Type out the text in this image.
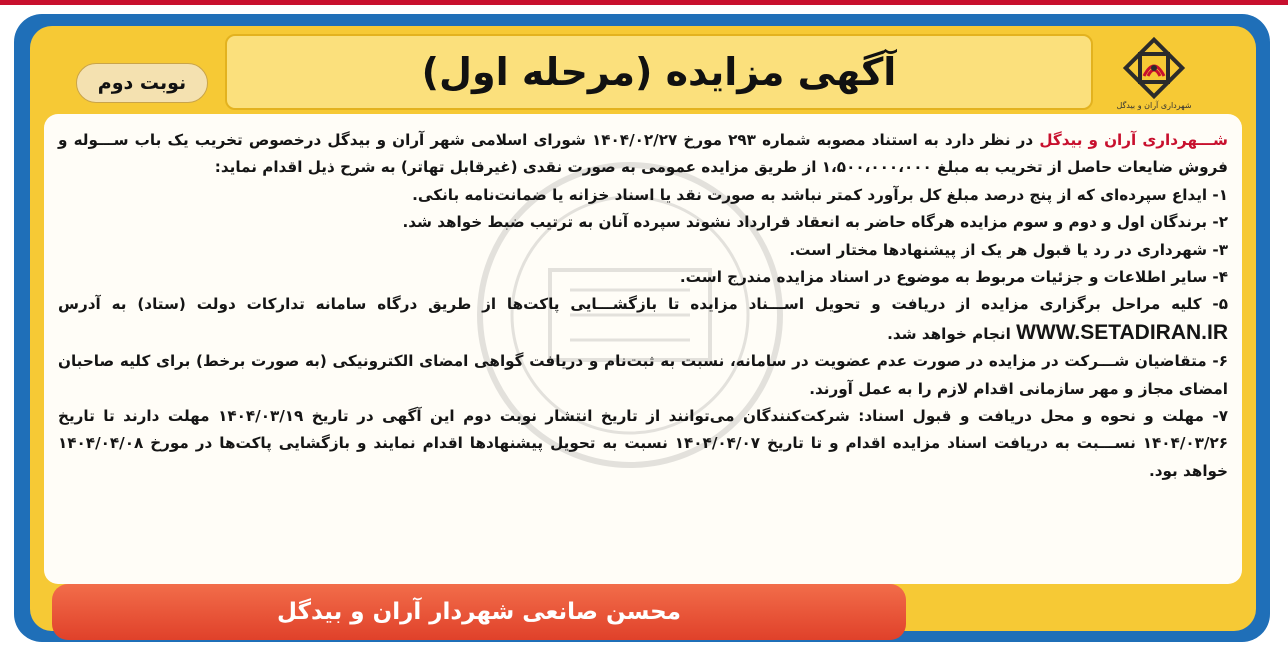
آگهی مزایده (مرحله اول)
نوبت دوم
شهرداری آران و بیدگل

شـــهرداری آران و بیدگل در نظر دارد به استناد مصوبه شماره ۲۹۳ مورخ ۱۴۰۴/۰۲/۲۷ شورای اسلامی شهر آران و بیدگل درخصوص تخریب یک باب ســـوله و فروش ضایعات حاصل از تخریب به مبلغ ۱،۵۰۰،۰۰۰،۰۰۰ از طریق مزایده عمومی به صورت نقدی (غیرقابل تهاتر) به شرح ذیل اقدام نماید:

۱- ایداع سپرده‌ای که از پنج درصد مبلغ کل برآورد کمتر نباشد به صورت نقد یا اسناد خزانه یا ضمانت‌نامه بانکی.

۲- برندگان اول و دوم و سوم مزایده هرگاه حاضر به انعقاد قرارداد نشوند سپرده آنان به ترتیب ضبط خواهد شد.

۳- شهرداری در رد یا قبول هر یک از پیشنهادها مختار است.

۴- سایر اطلاعات و جزئیات مربوط به موضوع در اسناد مزایده مندرج است.

۵- کلیه مراحل برگزاری مزایده از دریافت و تحویل اســـناد مزایده تا بازگشـــایی پاکت‌ها از طریق درگاه سامانه تدارکات دولت (ستاد) به آدرس WWW.SETADIRAN.IR انجام خواهد شد.

۶- متقاضیان شـــرکت در مزایده در صورت عدم عضویت در سامانه، نسبت به ثبت‌نام و دریافت گواهی امضای الکترونیکی (به صورت برخط) برای کلیه صاحبان امضای مجاز و مهر سازمانی اقدام لازم را به عمل آورند.

۷- مهلت و نحوه و محل دریافت و قبول اسناد: شرکت‌کنندگان می‌توانند از تاریخ انتشار نوبت دوم این آگهی در تاریخ ۱۴۰۴/۰۳/۱۹ مهلت دارند تا تاریخ ۱۴۰۴/۰۳/۲۶ نســـبت به دریافت اسناد مزایده اقدام و تا تاریخ ۱۴۰۴/۰۴/۰۷ نسبت به تحویل پیشنهادها اقدام نمایند و بازگشایی پاکت‌ها در مورخ ۱۴۰۴/۰۴/۰۸ خواهد بود.

محسن صانعی شهردار آران و بیدگل
